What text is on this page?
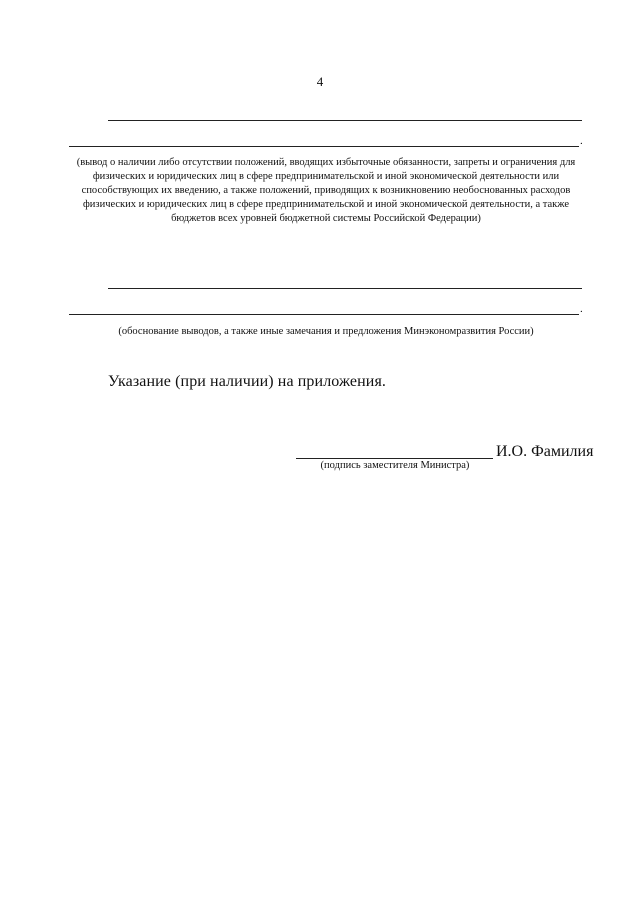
4
.
(вывод о наличии либо отсутствии положений, вводящих избыточные обязанности, запреты и ограничения для физических и юридических лиц в сфере предпринимательской и иной экономической деятельности или способствующих их введению, а также положений, приводящих к возникновению необоснованных расходов физических и юридических лиц в сфере предпринимательской и иной экономической деятельности, а также бюджетов всех уровней бюджетной системы Российской Федерации)
.
(обоснование выводов, а также иные замечания и предложения Минэкономразвития России)
Указание (при наличии) на приложения.
И.О. Фамилия
(подпись заместителя Министра)
